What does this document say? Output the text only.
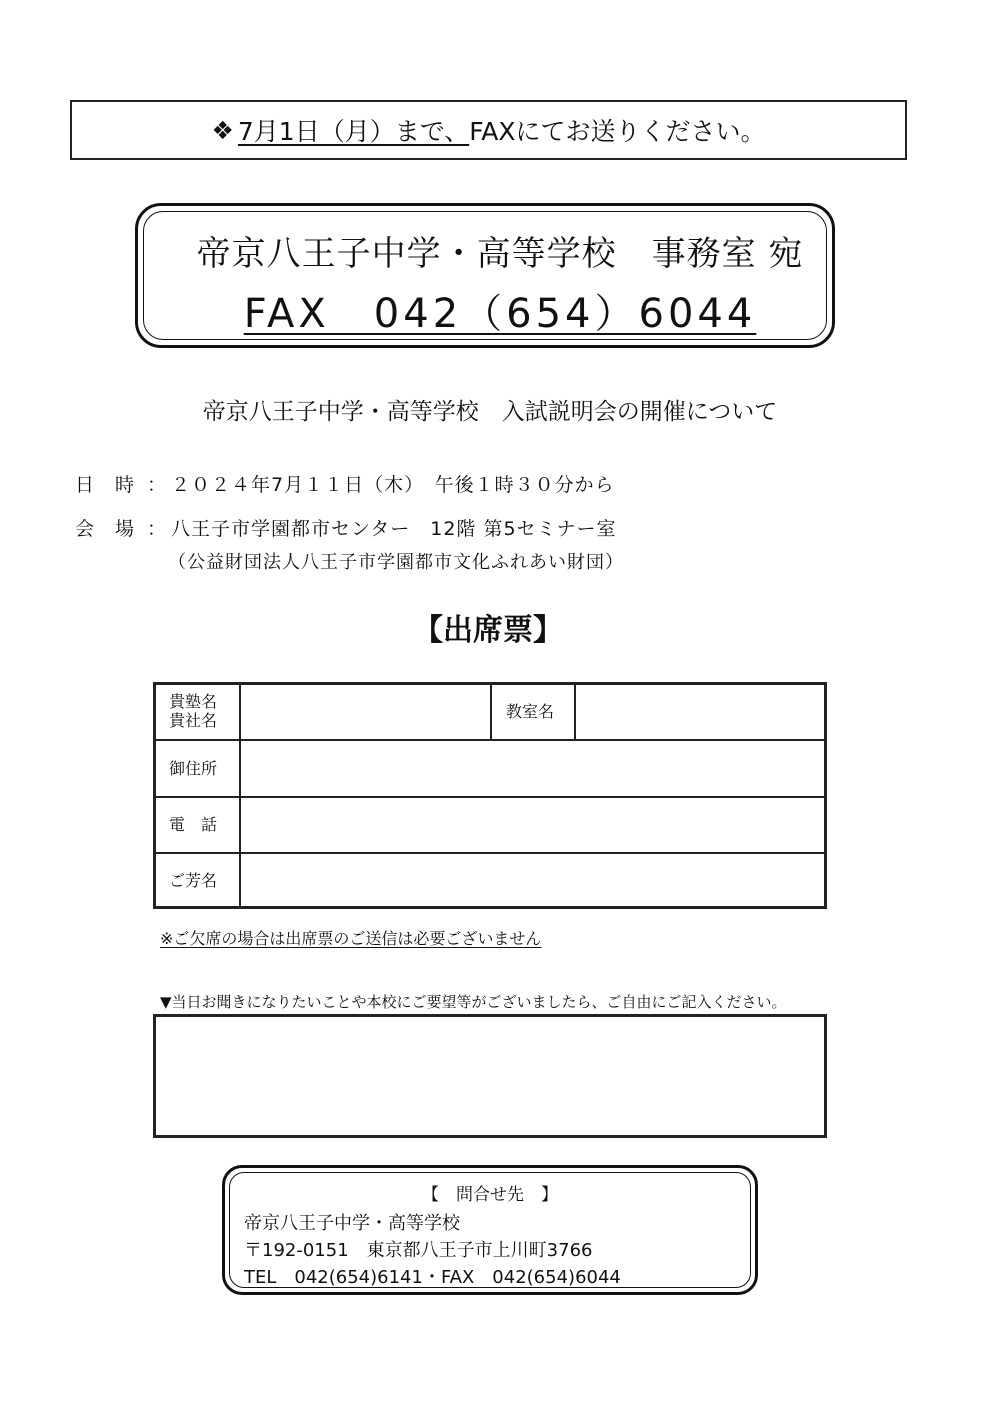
❖ 7月1日（月）まで、 FAXにてお送りください。
帝京八王子中学・高等学校　事務室 宛
FAX　042（654）6044
帝京八王子中学・高等学校　入試説明会の開催について
日　時 ： ２０２４年7月１１日（木）　午後１時３０分から
会　場 ： 八王子市学園都市センター　12階 第5セミナー室
（公益財団法人八王子市学園都市文化ふれあい財団）
【出席票】
貴塾名
貴社名	教室名
御住所
電　話
ご芳名
※ご欠席の場合は出席票のご送信は必要ございません
▼当日お聞きになりたいことや本校にご要望等がございましたら、ご自由にご記入ください。
【　問合せ先　】
帝京八王子中学・高等学校
〒192-0151　東京都八王子市上川町3766
TEL　042(654)6141・FAX　042(654)6044
